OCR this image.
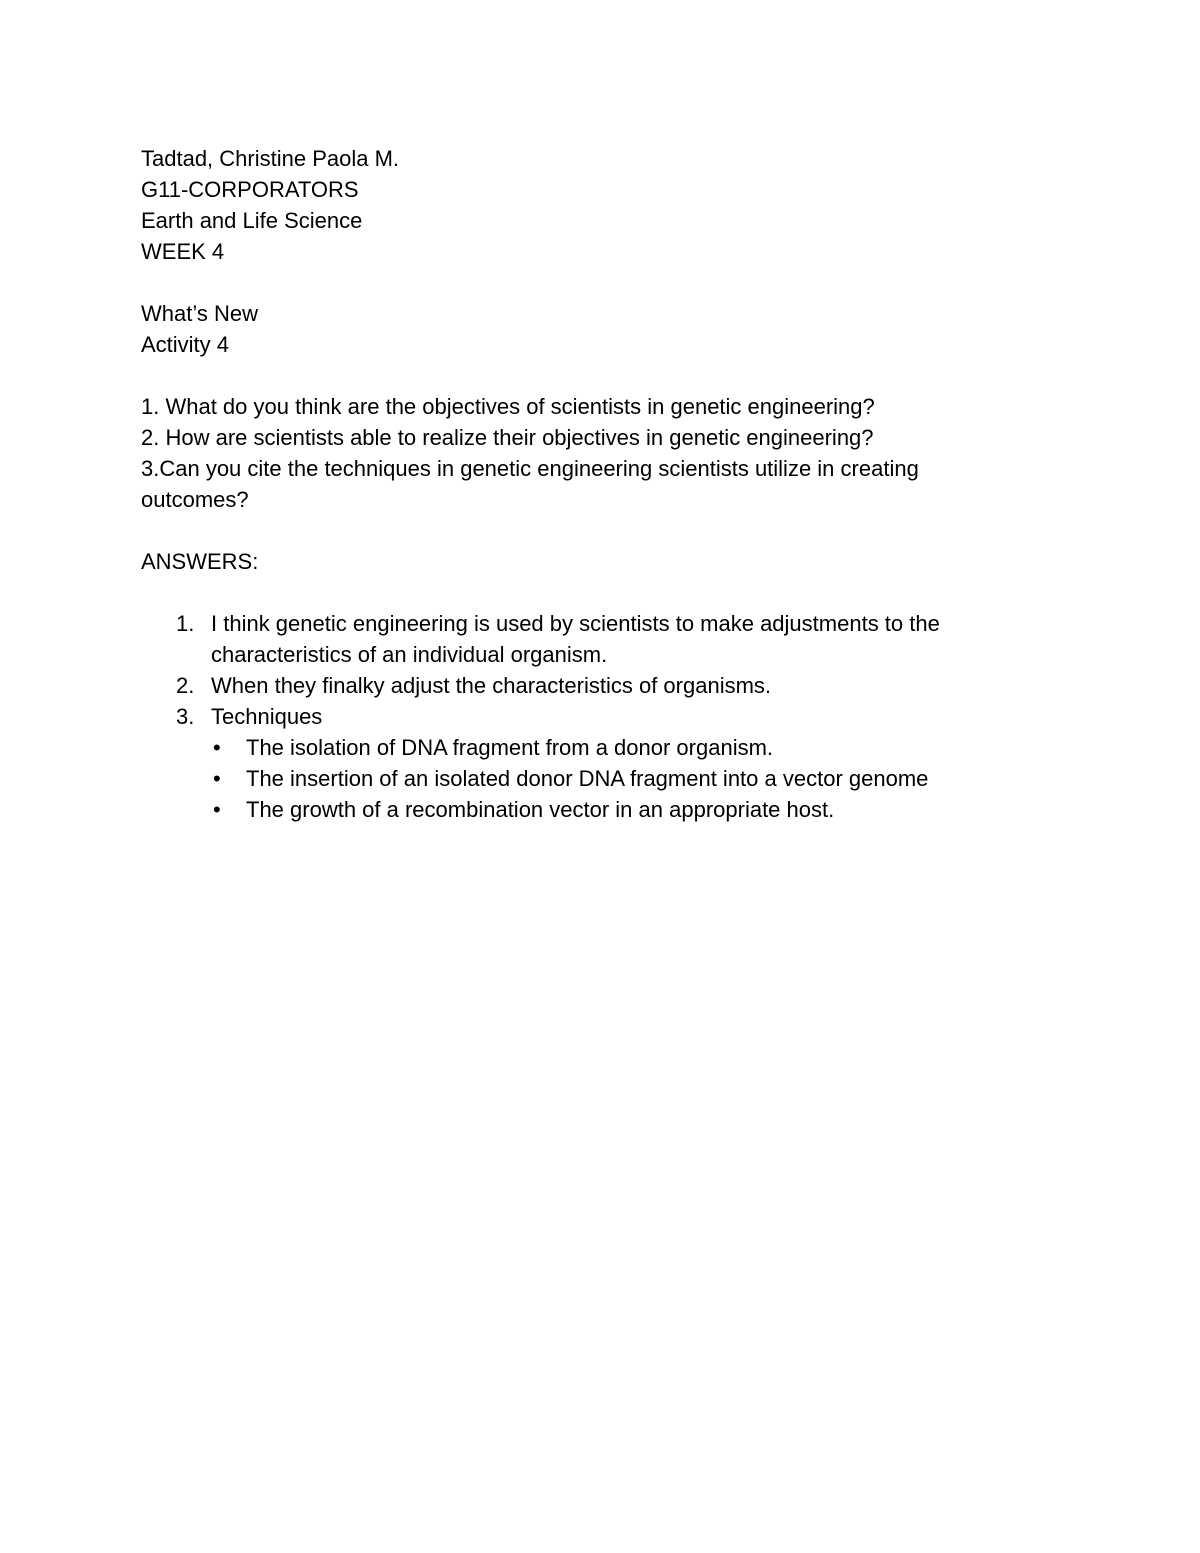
Tadtad, Christine Paola M.
G11-CORPORATORS
Earth and Life Science
WEEK 4
What’s New
Activity 4
1. What do you think are the objectives of scientists in genetic engineering?
2. How are scientists able to realize their objectives in genetic engineering?
3.Can you cite the techniques in genetic engineering scientists utilize in creating outcomes?
ANSWERS:
1. I think genetic engineering is used by scientists to make adjustments to the characteristics of an individual organism.
2. When they finalky adjust the characteristics of organisms.
3. Techniques
• The isolation of DNA fragment from a donor organism.
• The insertion of an isolated donor DNA fragment into a vector genome
• The growth of a recombination vector in an appropriate host.
